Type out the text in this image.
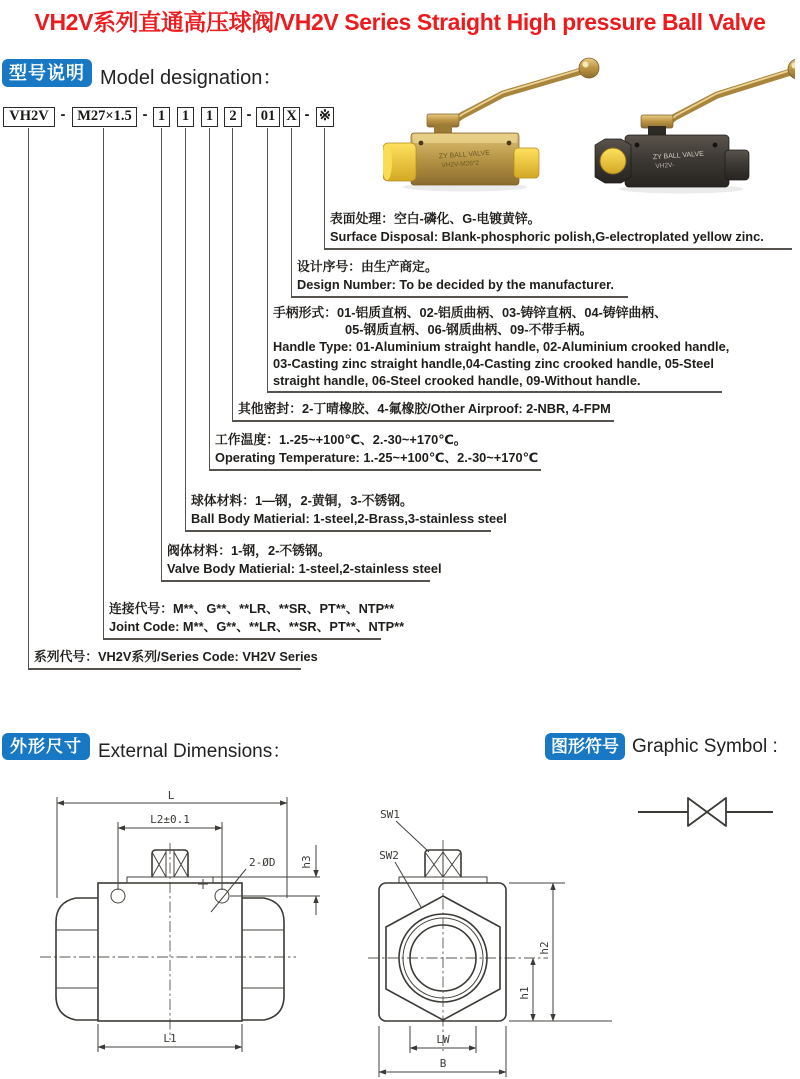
VH2V系列直通高压球阀/VH2V Series Straight High pressure Ball Valve
型号说明 Model designation：
VH2V - M27×1.5 - 1	1	1	2 - 01 X - ※
表面处理：空白-磷化、G-电镀黄锌。
Surface Disposal: Blank-phosphoric polish,G-electroplated yellow zinc.
设计序号：由生产商定。
Design Number: To be decided by the manufacturer.
手柄形式：01-铝质直柄、02-铝质曲柄、03-铸锌直柄、04-铸锌曲柄、
05-钢质直柄、06-钢质曲柄、09-不带手柄。
Handle Type: 01-Aluminium straight handle, 02-Aluminium crooked handle,
03-Casting zinc straight handle,04-Casting zinc crooked handle, 05-Steel
straight handle, 06-Steel crooked handle, 09-Without handle.
其他密封：2-丁晴橡胶、4-氟橡胶/Other Airproof: 2-NBR, 4-FPM
工作温度：1.-25~+100℃、2.-30~+170℃。
Operating Temperature: 1.-25~+100℃、2.-30~+170℃
球体材料：1—钢，2-黄铜，3-不锈钢。
Ball Body Matierial: 1-steel,2-Brass,3-stainless steel
阀体材料：1-钢，2-不锈钢。
Valve Body Matierial: 1-steel,2-stainless steel
连接代号：M**、G**、**LR、**SR、PT**、NTP**
Joint Code: M**、G**、**LR、**SR、PT**、NTP**
系列代号：VH2V系列/Series Code: VH2V Series
ZY BALL VALVE
VH2V-M26*2
ZY BALL VALVE
VH2V-
外形尺寸 External Dimensions：	图形符号 Graphic Symbol :
L
L2±0.1
2-ØD h3
L1
SW1
SW2
h2
h1
LW
B
